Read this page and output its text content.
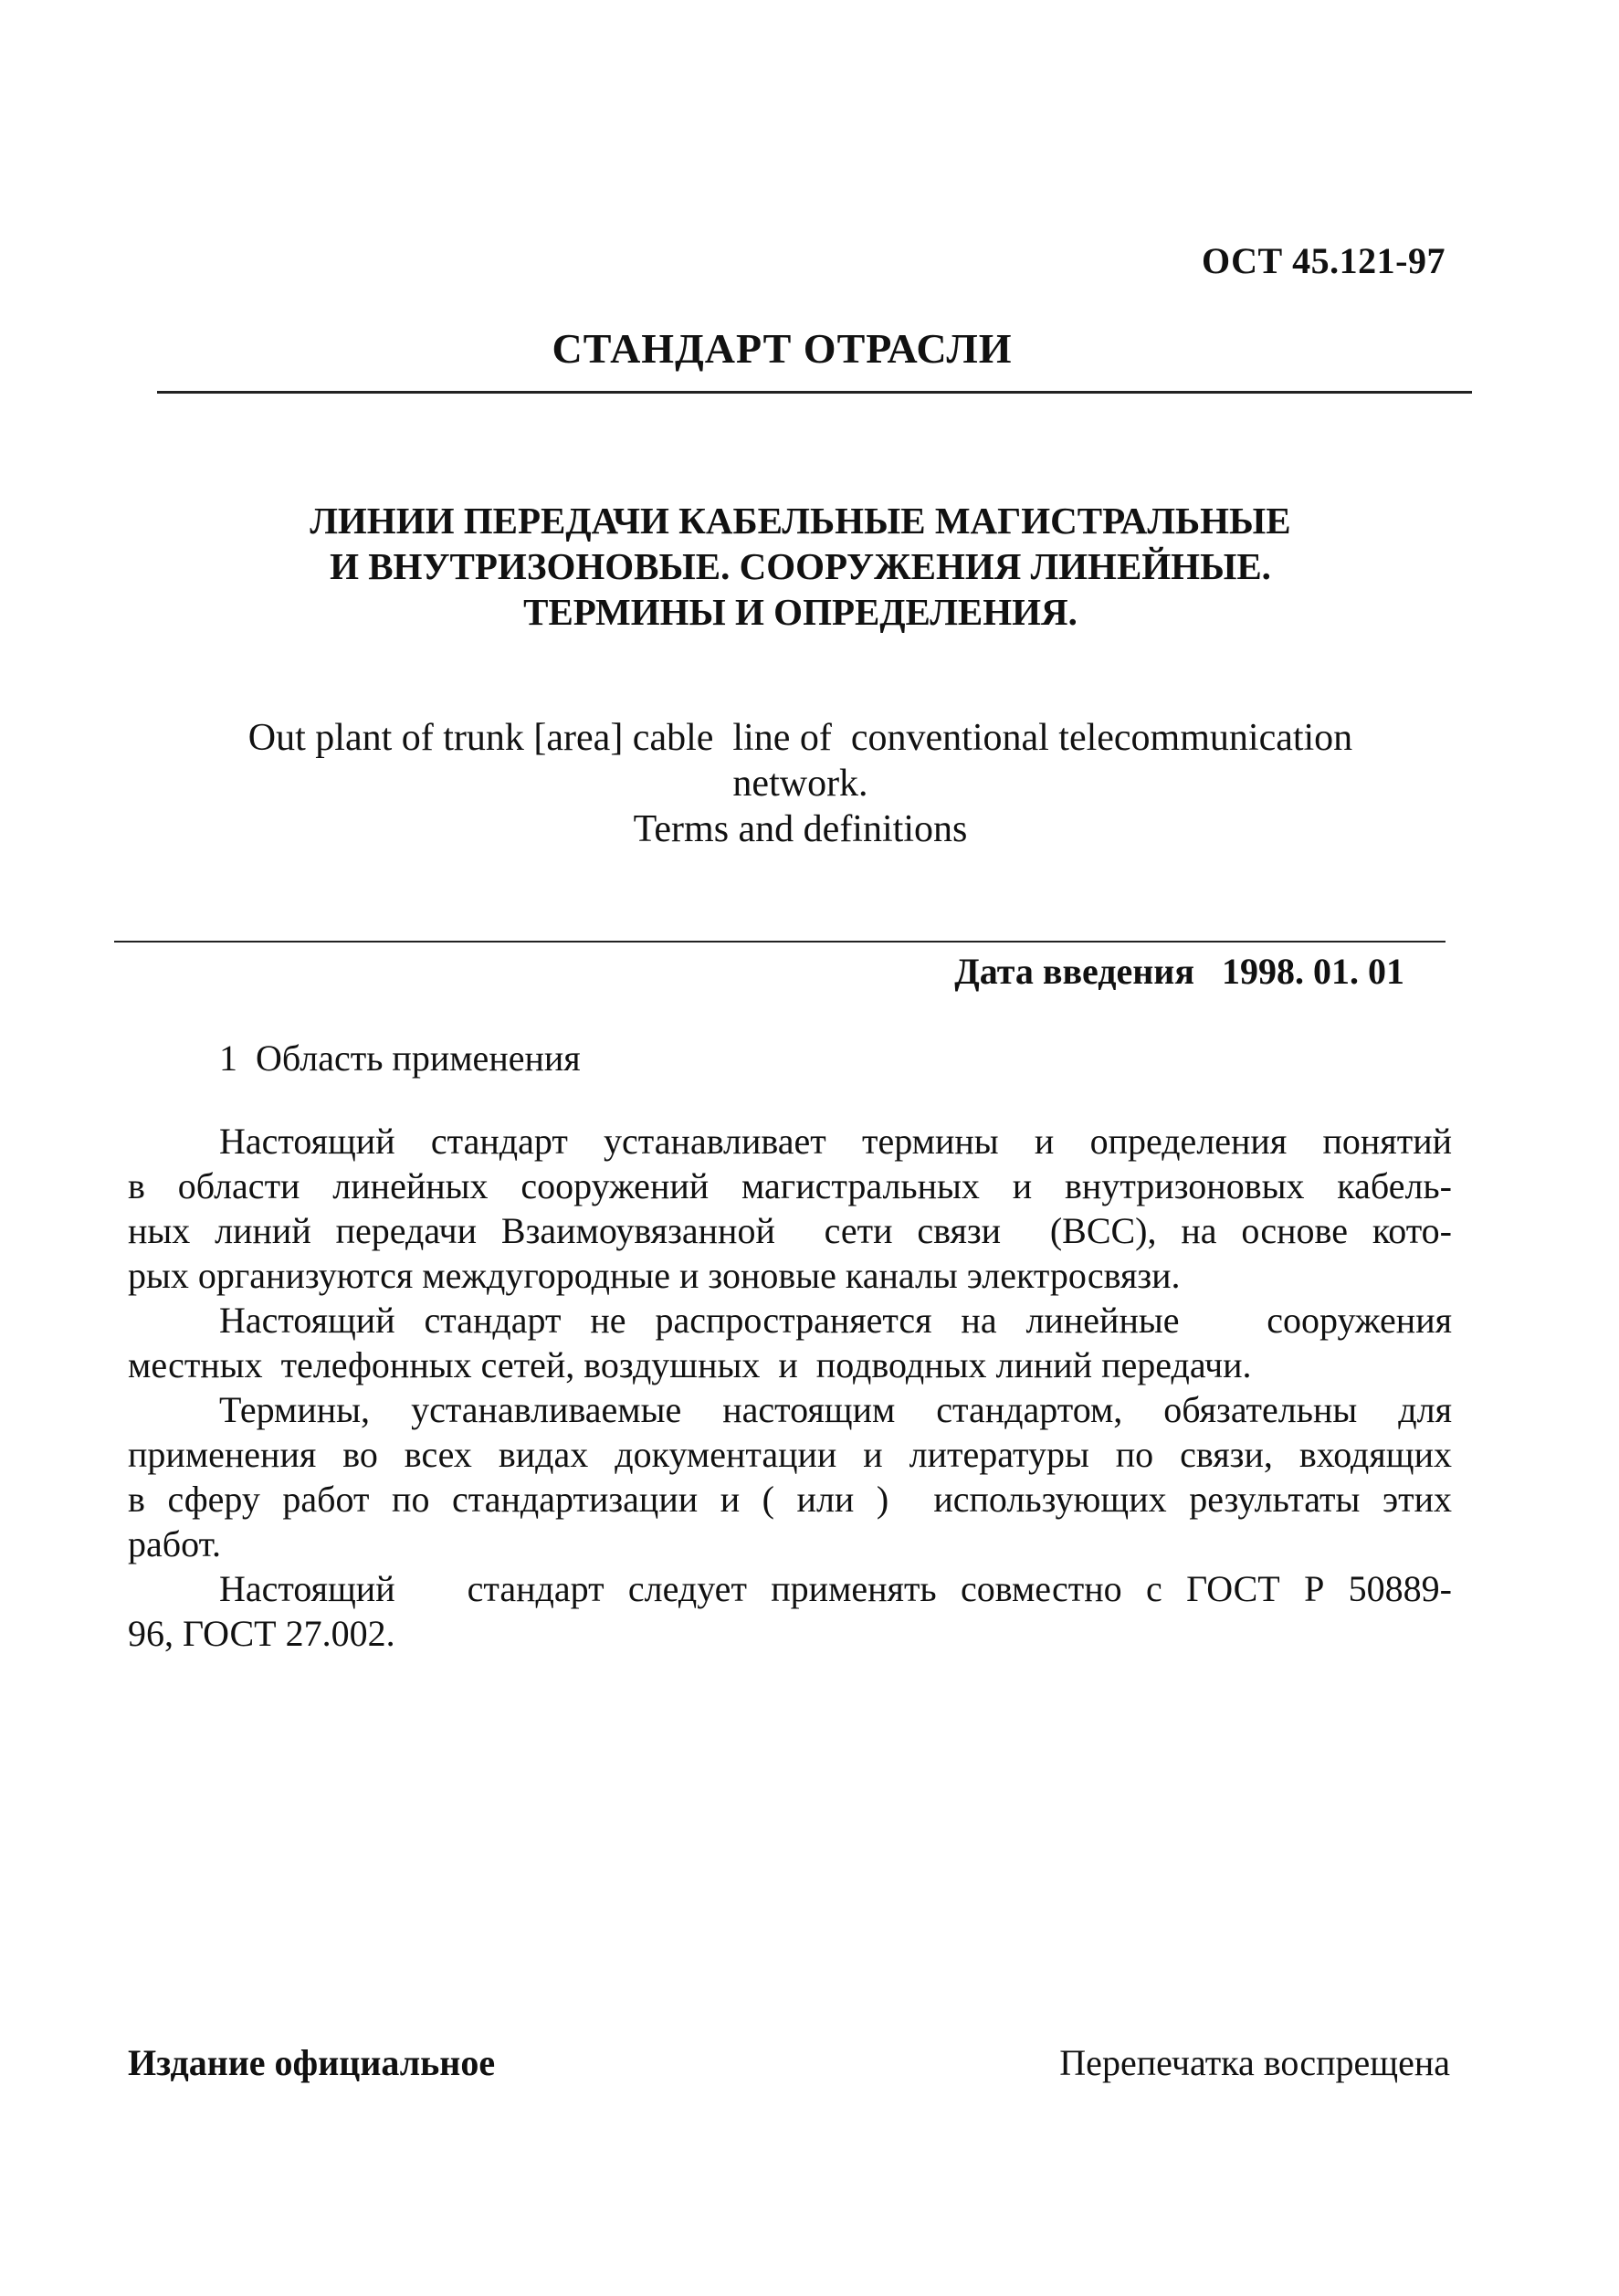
ОСТ 45.121-97
СТАНДАРТ ОТРАСЛИ
ЛИНИИ ПЕРЕДАЧИ КАБЕЛЬНЫЕ МАГИСТРАЛЬНЫЕ
И ВНУТРИЗОНОВЫЕ. СООРУЖЕНИЯ ЛИНЕЙНЫЕ.
ТЕРМИНЫ И ОПРЕДЕЛЕНИЯ.
Out plant of trunk [area] cable  line of  conventional telecommunication
network.
Terms and definitions
Дата введения 1998. 01. 01
1  Область применения
Настоящий стандарт устанавливает термины и определения понятий
в области линейных сооружений магистральных и внутризоновых кабель-
ных линий передачи Взаимоувязанной  сети связи  (ВСС), на основе кото-
рых организуются междугородные и зоновые каналы электросвязи.
Настоящий стандарт не распространяется на линейные   сооружения
местных  телефонных сетей, воздушных  и  подводных линий передачи.
Термины, устанавливаемые настоящим стандартом, обязательны для
применения во всех видах документации и литературы по связи, входящих
в сферу работ по стандартизации и ( или )  использующих результаты этих
работ.
Настоящий   стандарт следует применять совместно с ГОСТ Р 50889-
96, ГОСТ 27.002.
Издание официальное	Перепечатка воспрещена
